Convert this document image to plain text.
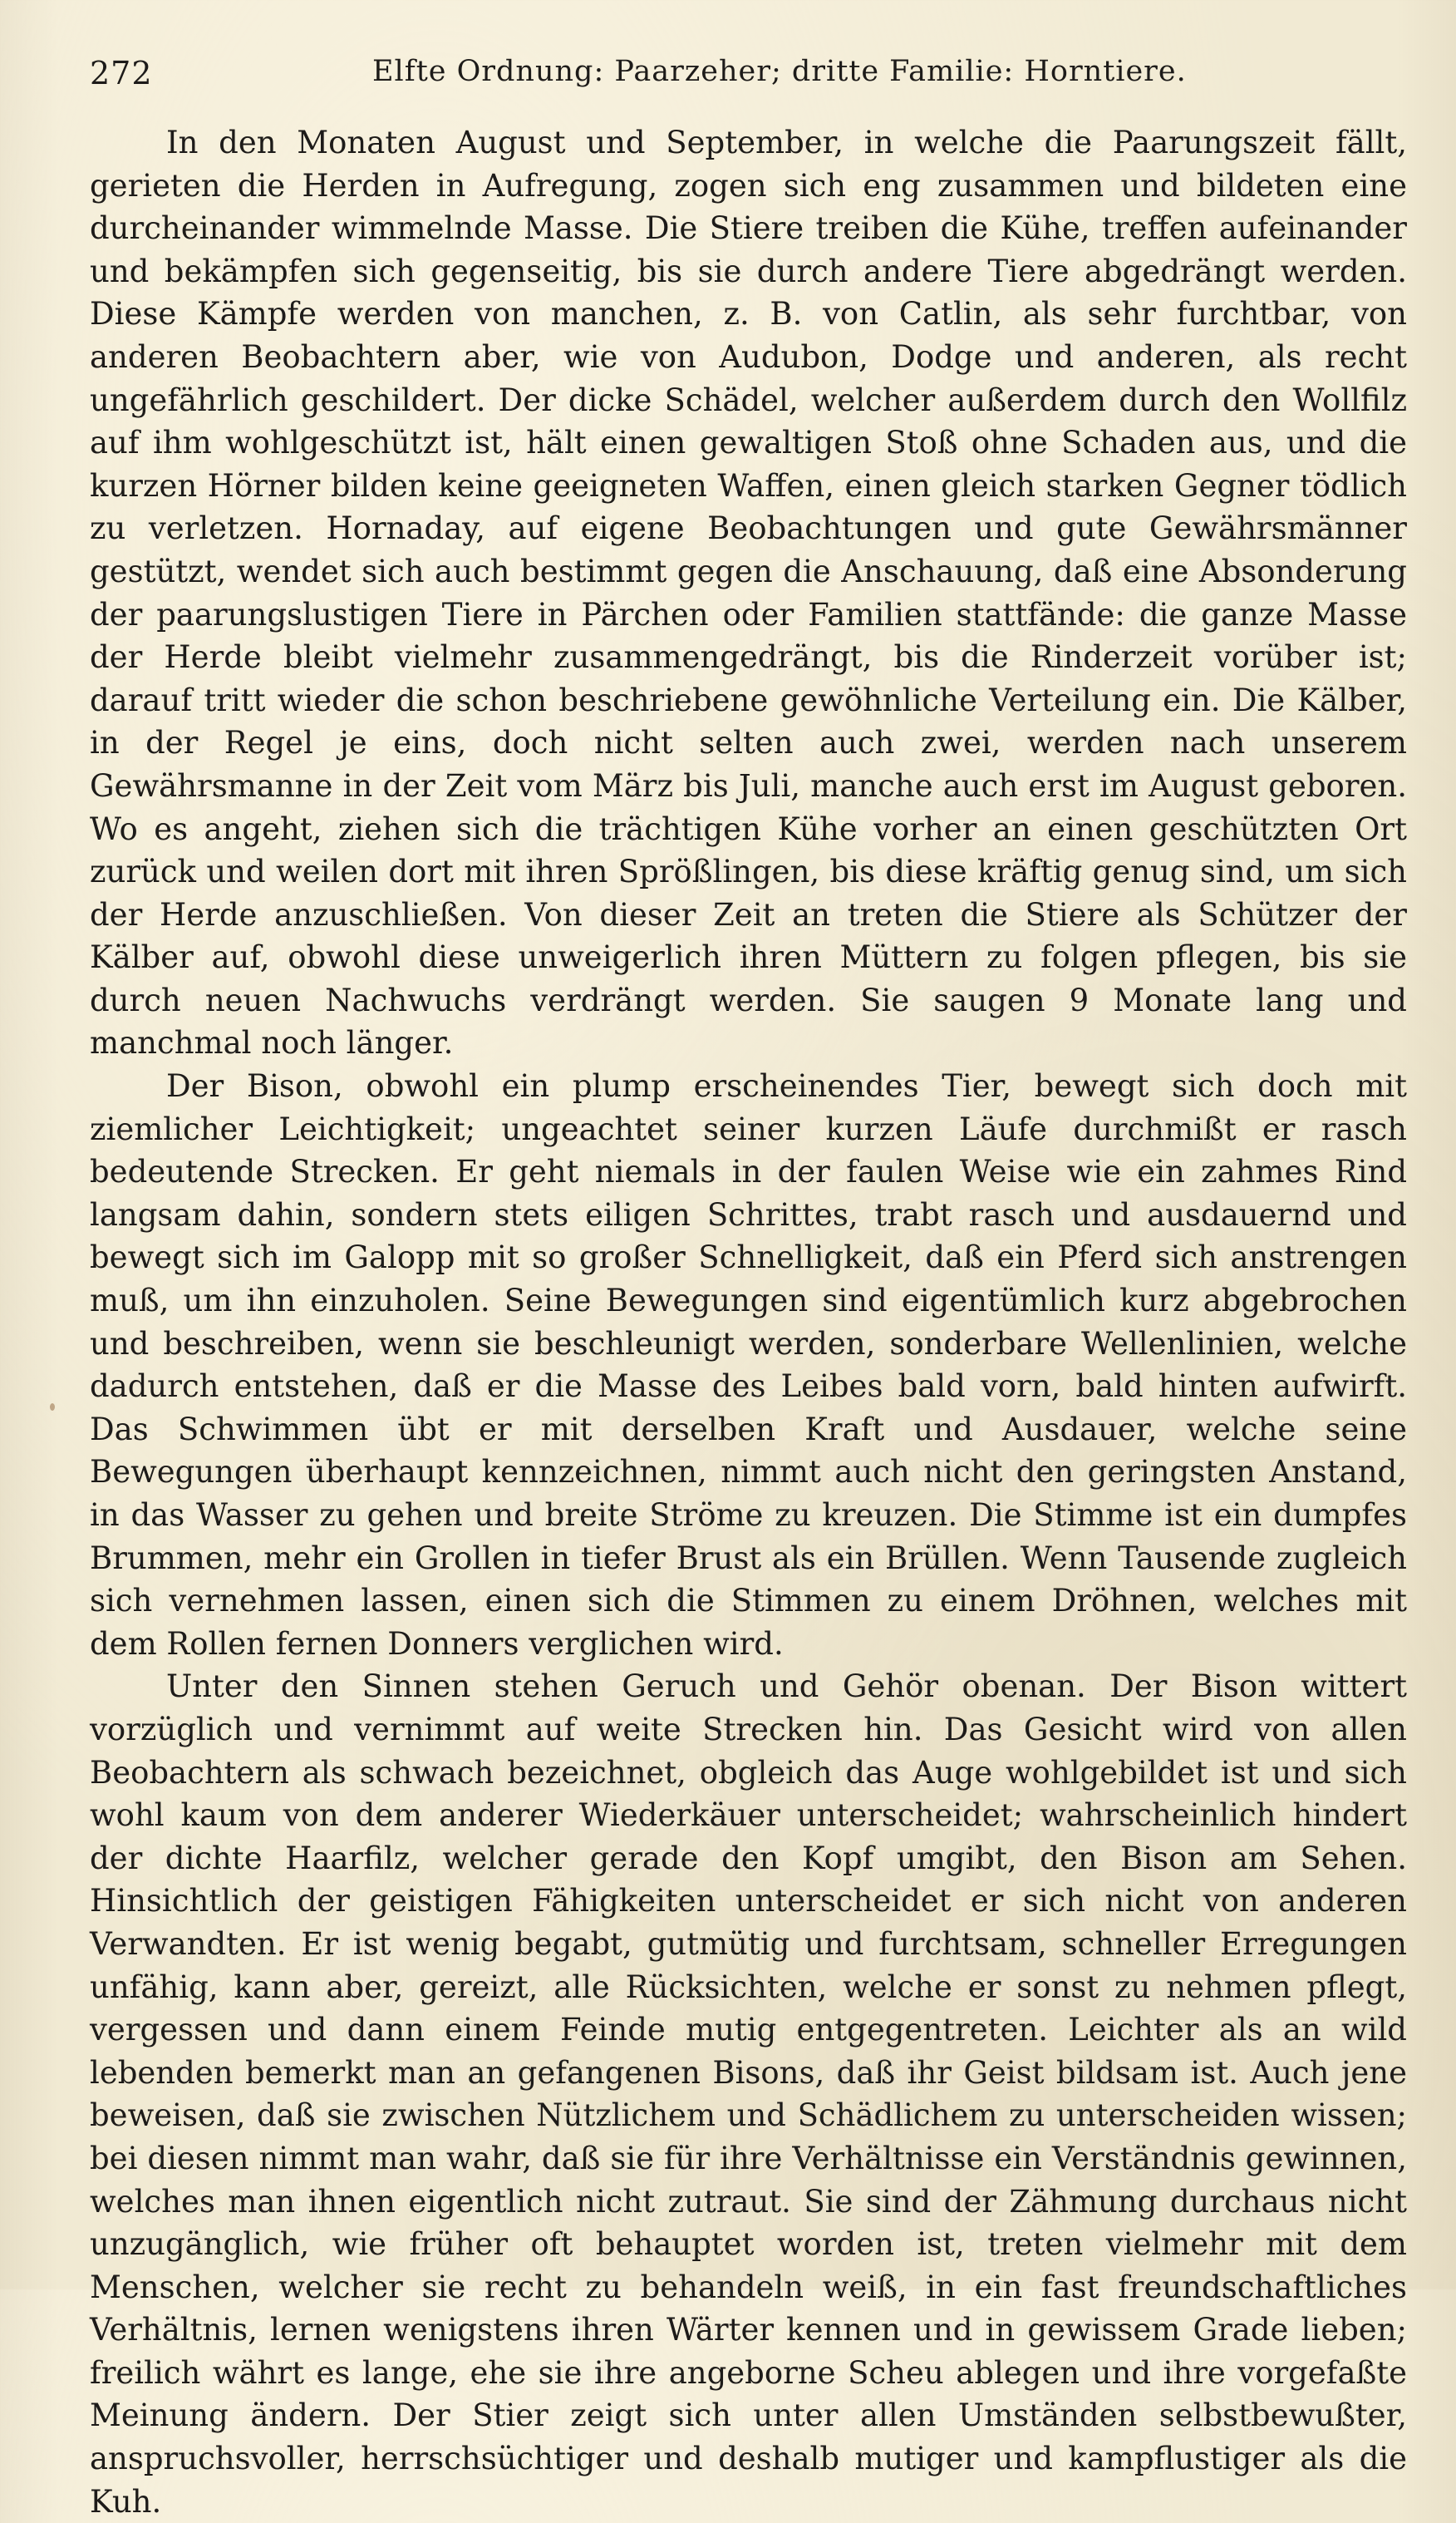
272	Elfte Ordnung: Paarzeher; dritte Familie: Horntiere.

In den Monaten August und September, in welche die Paarungszeit fällt, gerieten die Herden in Aufregung, zogen sich eng zusammen und bildeten eine durcheinander wimmelnde Masse. Die Stiere treiben die Kühe, treffen aufeinander und bekämpfen sich gegenseitig, bis sie durch andere Tiere abgedrängt werden. Diese Kämpfe werden von manchen, z. B. von Catlin, als sehr furchtbar, von anderen Beobachtern aber, wie von Audubon, Dodge und anderen, als recht ungefährlich geschildert. Der dicke Schädel, welcher außerdem durch den Wollfilz auf ihm wohlgeschützt ist, hält einen gewaltigen Stoß ohne Schaden aus, und die kurzen Hörner bilden keine geeigneten Waffen, einen gleich starken Gegner tödlich zu verletzen. Hornaday, auf eigene Beobachtungen und gute Gewährsmänner gestützt, wendet sich auch bestimmt gegen die Anschauung, daß eine Absonderung der paarungslustigen Tiere in Pärchen oder Familien stattfände: die ganze Masse der Herde bleibt vielmehr zusammengedrängt, bis die Rinderzeit vorüber ist; darauf tritt wieder die schon beschriebene gewöhnliche Verteilung ein. Die Kälber, in der Regel je eins, doch nicht selten auch zwei, werden nach unserem Gewährsmanne in der Zeit vom März bis Juli, manche auch erst im August geboren. Wo es angeht, ziehen sich die trächtigen Kühe vorher an einen geschützten Ort zurück und weilen dort mit ihren Sprößlingen, bis diese kräftig genug sind, um sich der Herde anzuschließen. Von dieser Zeit an treten die Stiere als Schützer der Kälber auf, obwohl diese unweigerlich ihren Müttern zu folgen pflegen, bis sie durch neuen Nachwuchs verdrängt werden. Sie saugen 9 Monate lang und manchmal noch länger.

Der Bison, obwohl ein plump erscheinendes Tier, bewegt sich doch mit ziemlicher Leichtigkeit; ungeachtet seiner kurzen Läufe durchmißt er rasch bedeutende Strecken. Er geht niemals in der faulen Weise wie ein zahmes Rind langsam dahin, sondern stets eiligen Schrittes, trabt rasch und ausdauernd und bewegt sich im Galopp mit so großer Schnelligkeit, daß ein Pferd sich anstrengen muß, um ihn einzuholen. Seine Bewegungen sind eigentümlich kurz abgebrochen und beschreiben, wenn sie beschleunigt werden, sonderbare Wellenlinien, welche dadurch entstehen, daß er die Masse des Leibes bald vorn, bald hinten aufwirft. Das Schwimmen übt er mit derselben Kraft und Ausdauer, welche seine Bewegungen überhaupt kennzeichnen, nimmt auch nicht den geringsten Anstand, in das Wasser zu gehen und breite Ströme zu kreuzen. Die Stimme ist ein dumpfes Brummen, mehr ein Grollen in tiefer Brust als ein Brüllen. Wenn Tausende zugleich sich vernehmen lassen, einen sich die Stimmen zu einem Dröhnen, welches mit dem Rollen fernen Donners verglichen wird.

Unter den Sinnen stehen Geruch und Gehör obenan. Der Bison wittert vorzüglich und vernimmt auf weite Strecken hin. Das Gesicht wird von allen Beobachtern als schwach bezeichnet, obgleich das Auge wohlgebildet ist und sich wohl kaum von dem anderer Wiederkäuer unterscheidet; wahrscheinlich hindert der dichte Haarfilz, welcher gerade den Kopf umgibt, den Bison am Sehen. Hinsichtlich der geistigen Fähigkeiten unterscheidet er sich nicht von anderen Verwandten. Er ist wenig begabt, gutmütig und furchtsam, schneller Erregungen unfähig, kann aber, gereizt, alle Rücksichten, welche er sonst zu nehmen pflegt, vergessen und dann einem Feinde mutig entgegentreten. Leichter als an wild lebenden bemerkt man an gefangenen Bisons, daß ihr Geist bildsam ist. Auch jene beweisen, daß sie zwischen Nützlichem und Schädlichem zu unterscheiden wissen; bei diesen nimmt man wahr, daß sie für ihre Verhältnisse ein Verständnis gewinnen, welches man ihnen eigentlich nicht zutraut. Sie sind der Zähmung durchaus nicht unzugänglich, wie früher oft behauptet worden ist, treten vielmehr mit dem Menschen, welcher sie recht zu behandeln weiß, in ein fast freundschaftliches Verhältnis, lernen wenigstens ihren Wärter kennen und in gewissem Grade lieben; freilich währt es lange, ehe sie ihre angeborne Scheu ablegen und ihre vorgefaßte Meinung ändern. Der Stier zeigt sich unter allen Umständen selbstbewußter, anspruchsvoller, herrschsüchtiger und deshalb mutiger und kampflustiger als die Kuh.
